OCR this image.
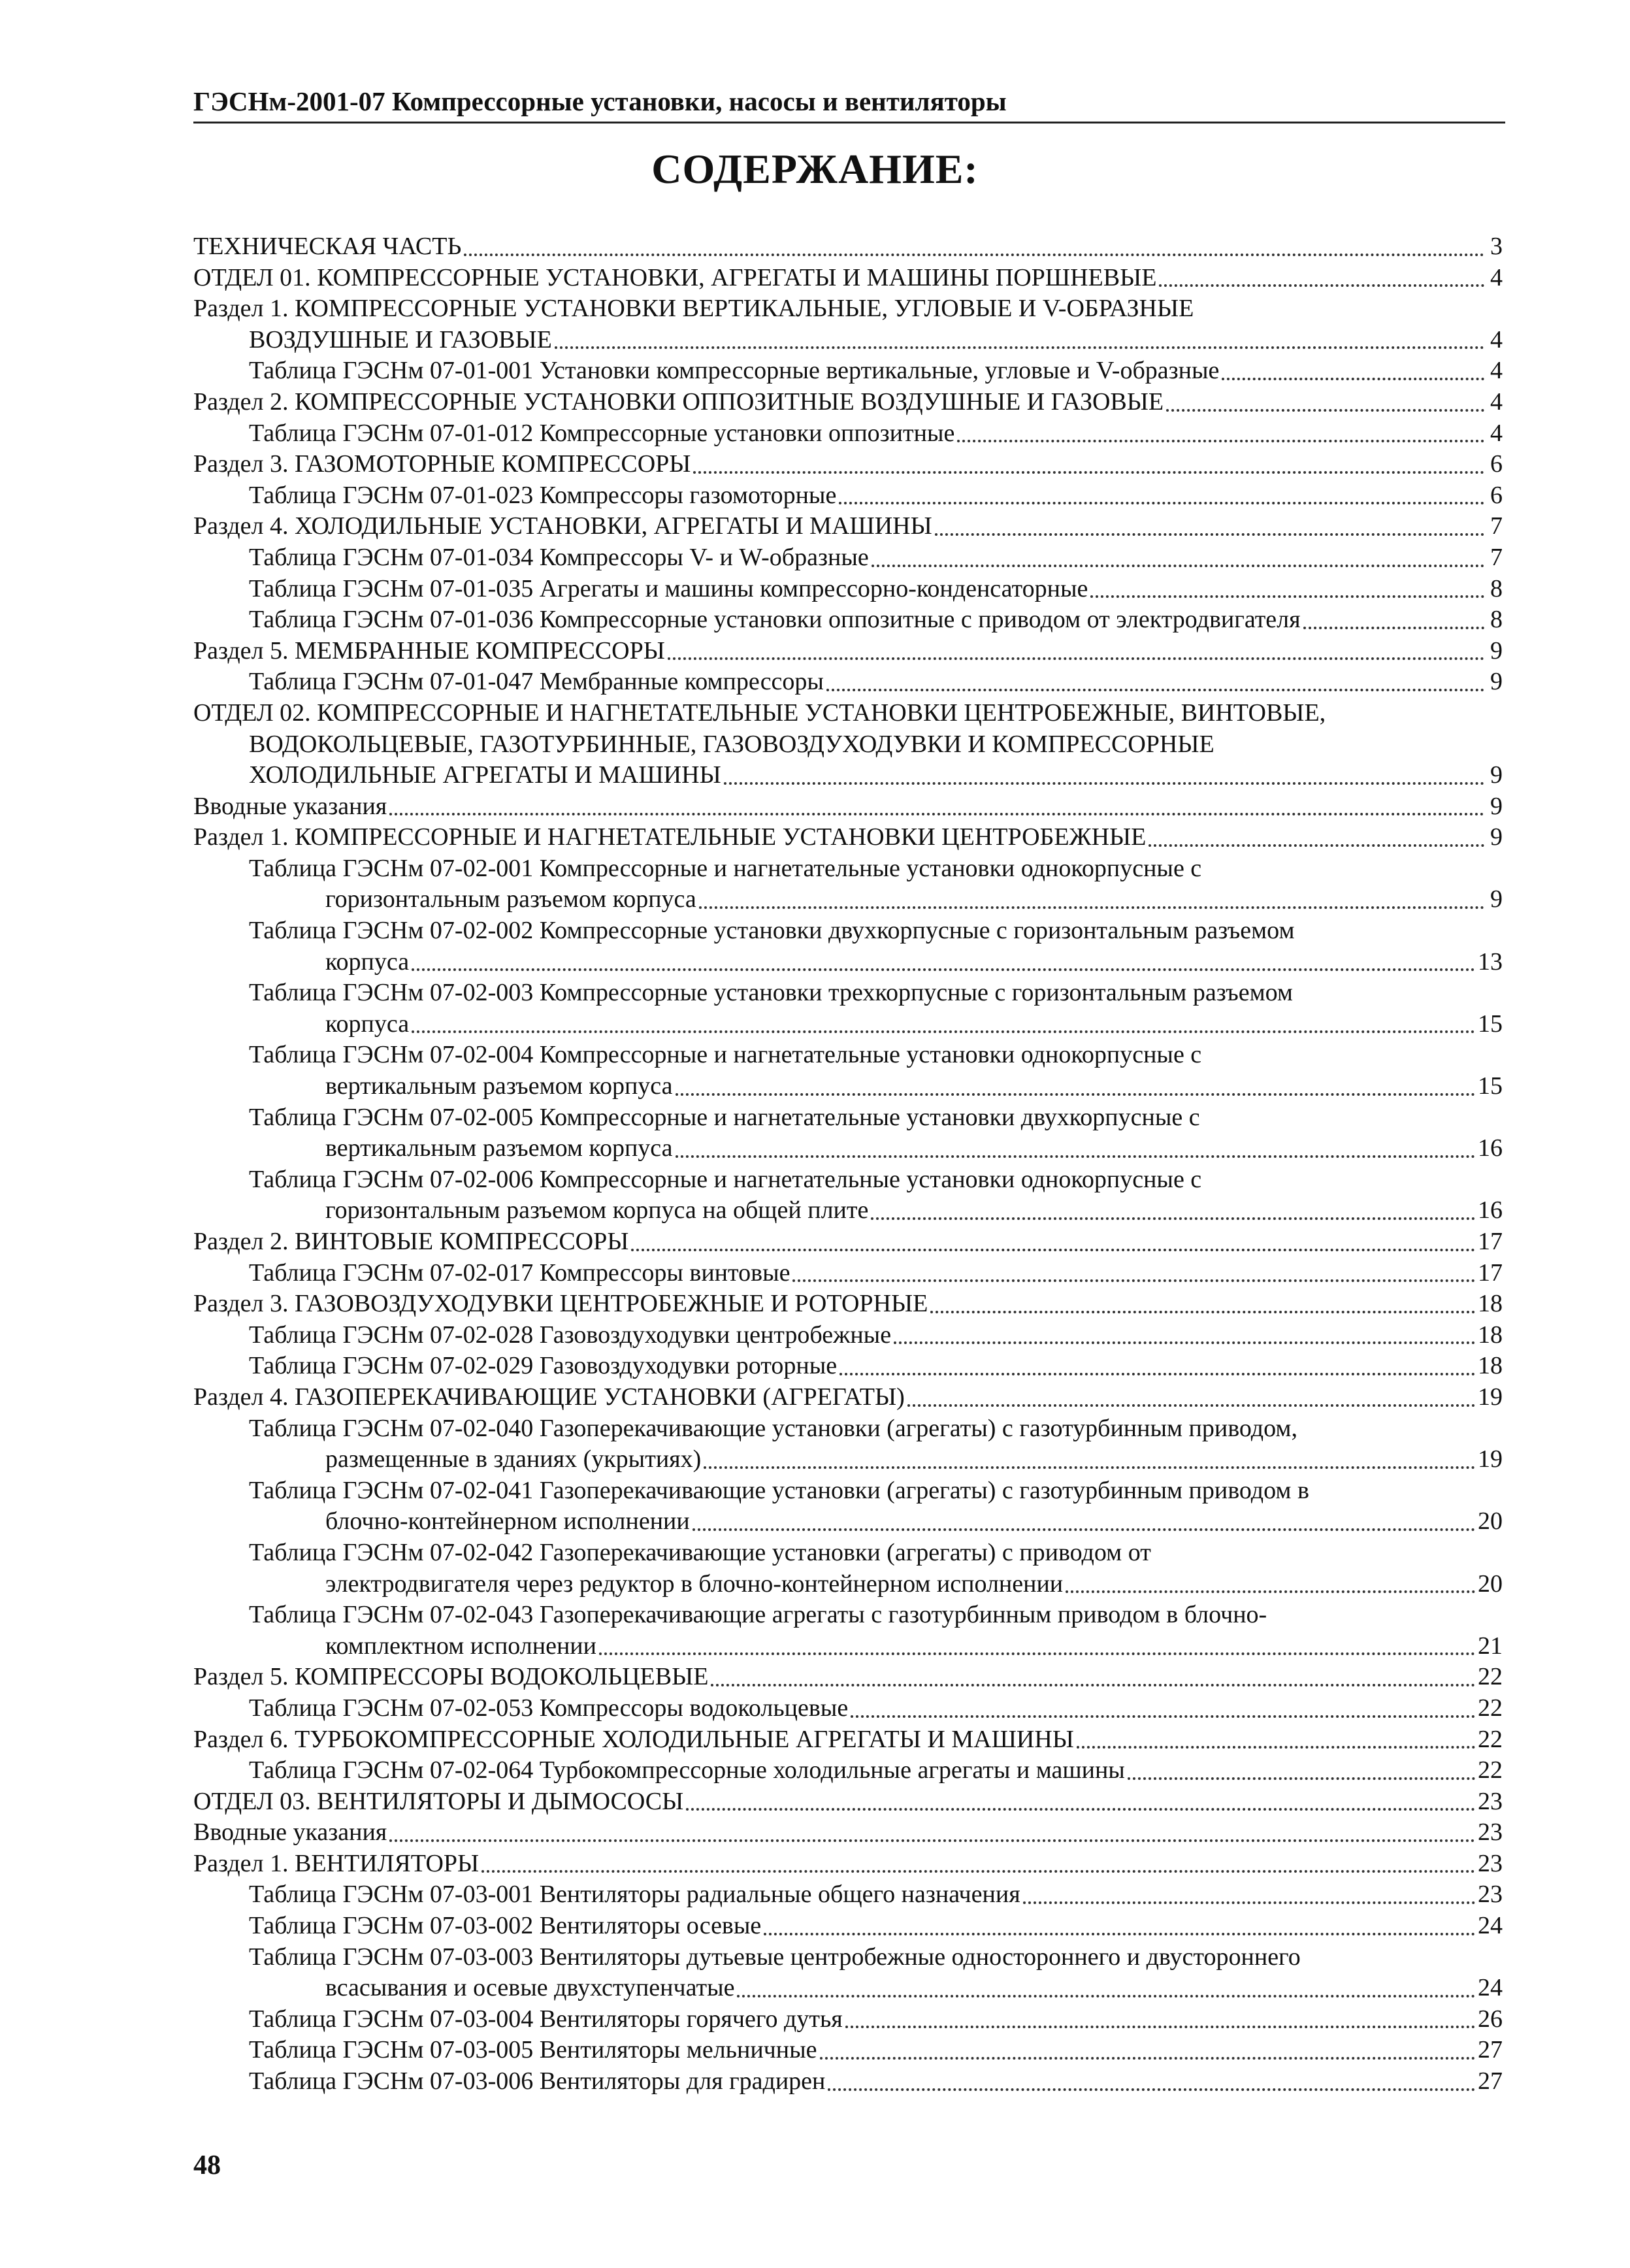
ГЭСНм-2001-07 Компрессорные установки, насосы и вентиляторы
СОДЕРЖАНИЕ:
ТЕХНИЧЕСКАЯ ЧАСТЬ	3
ОТДЕЛ 01. КОМПРЕССОРНЫЕ УСТАНОВКИ, АГРЕГАТЫ И МАШИНЫ ПОРШНЕВЫЕ	4
Раздел 1. КОМПРЕССОРНЫЕ УСТАНОВКИ ВЕРТИКАЛЬНЫЕ, УГЛОВЫЕ И V-ОБРАЗНЫЕ
ВОЗДУШНЫЕ И ГАЗОВЫЕ	4
Таблица ГЭСНм 07-01-001 Установки компрессорные вертикальные, угловые и V-образные	4
Раздел 2. КОМПРЕССОРНЫЕ УСТАНОВКИ ОППОЗИТНЫЕ ВОЗДУШНЫЕ И ГАЗОВЫЕ	4
Таблица ГЭСНм 07-01-012 Компрессорные установки оппозитные	4
Раздел 3. ГАЗОМОТОРНЫЕ КОМПРЕССОРЫ	6
Таблица ГЭСНм 07-01-023 Компрессоры газомоторные	6
Раздел 4. ХОЛОДИЛЬНЫЕ УСТАНОВКИ, АГРЕГАТЫ И МАШИНЫ	7
Таблица ГЭСНм 07-01-034 Компрессоры V- и W-образные	7
Таблица ГЭСНм 07-01-035 Агрегаты и машины компрессорно-конденсаторные	8
Таблица ГЭСНм 07-01-036 Компрессорные установки оппозитные с приводом от электродвигателя	8
Раздел 5. МЕМБРАННЫЕ КОМПРЕССОРЫ	9
Таблица ГЭСНм 07-01-047 Мембранные компрессоры	9
ОТДЕЛ 02. КОМПРЕССОРНЫЕ И НАГНЕТАТЕЛЬНЫЕ УСТАНОВКИ ЦЕНТРОБЕЖНЫЕ, ВИНТОВЫЕ,
ВОДОКОЛЬЦЕВЫЕ, ГАЗОТУРБИННЫЕ, ГАЗОВОЗДУХОДУВКИ И КОМПРЕССОРНЫЕ
ХОЛОДИЛЬНЫЕ АГРЕГАТЫ И МАШИНЫ	9
Вводные указания	9
Раздел 1. КОМПРЕССОРНЫЕ И НАГНЕТАТЕЛЬНЫЕ УСТАНОВКИ ЦЕНТРОБЕЖНЫЕ	9
Таблица ГЭСНм 07-02-001 Компрессорные и нагнетательные установки однокорпусные с
горизонтальным разъемом корпуса	9
Таблица ГЭСНм 07-02-002 Компрессорные установки двухкорпусные с горизонтальным разъемом
корпуса	13
Таблица ГЭСНм 07-02-003 Компрессорные установки трехкорпусные с горизонтальным разъемом
корпуса	15
Таблица ГЭСНм 07-02-004 Компрессорные и нагнетательные установки однокорпусные с
вертикальным разъемом корпуса	15
Таблица ГЭСНм 07-02-005 Компрессорные и нагнетательные установки двухкорпусные с
вертикальным разъемом корпуса	16
Таблица ГЭСНм 07-02-006 Компрессорные и нагнетательные установки однокорпусные с
горизонтальным разъемом корпуса на общей плите	16
Раздел 2. ВИНТОВЫЕ КОМПРЕССОРЫ	17
Таблица ГЭСНм 07-02-017 Компрессоры винтовые	17
Раздел 3. ГАЗОВОЗДУХОДУВКИ ЦЕНТРОБЕЖНЫЕ И РОТОРНЫЕ	18
Таблица ГЭСНм 07-02-028 Газовоздуходувки центробежные	18
Таблица ГЭСНм 07-02-029 Газовоздуходувки роторные	18
Раздел 4. ГАЗОПЕРЕКАЧИВАЮЩИЕ УСТАНОВКИ (АГРЕГАТЫ)	19
Таблица ГЭСНм 07-02-040 Газоперекачивающие установки (агрегаты) с газотурбинным приводом,
размещенные в зданиях (укрытиях)	19
Таблица ГЭСНм 07-02-041 Газоперекачивающие установки (агрегаты) с газотурбинным приводом в
блочно-контейнерном исполнении	20
Таблица ГЭСНм 07-02-042 Газоперекачивающие установки (агрегаты) с приводом от
электродвигателя через редуктор в блочно-контейнерном исполнении	20
Таблица ГЭСНм 07-02-043 Газоперекачивающие агрегаты с газотурбинным приводом в блочно-
комплектном исполнении	21
Раздел 5. КОМПРЕССОРЫ ВОДОКОЛЬЦЕВЫЕ	22
Таблица ГЭСНм 07-02-053 Компрессоры водокольцевые	22
Раздел 6. ТУРБОКОМПРЕССОРНЫЕ ХОЛОДИЛЬНЫЕ АГРЕГАТЫ И МАШИНЫ	22
Таблица ГЭСНм 07-02-064 Турбокомпрессорные холодильные агрегаты и машины	22
ОТДЕЛ 03. ВЕНТИЛЯТОРЫ И ДЫМОСОСЫ	23
Вводные указания	23
Раздел 1. ВЕНТИЛЯТОРЫ	23
Таблица ГЭСНм 07-03-001 Вентиляторы радиальные общего назначения	23
Таблица ГЭСНм 07-03-002 Вентиляторы осевые	24
Таблица ГЭСНм 07-03-003 Вентиляторы дутьевые центробежные одностороннего и двустороннего
всасывания и осевые двухступенчатые	24
Таблица ГЭСНм 07-03-004 Вентиляторы горячего дутья	26
Таблица ГЭСНм 07-03-005 Вентиляторы мельничные	27
Таблица ГЭСНм 07-03-006 Вентиляторы для градирен	27
48
